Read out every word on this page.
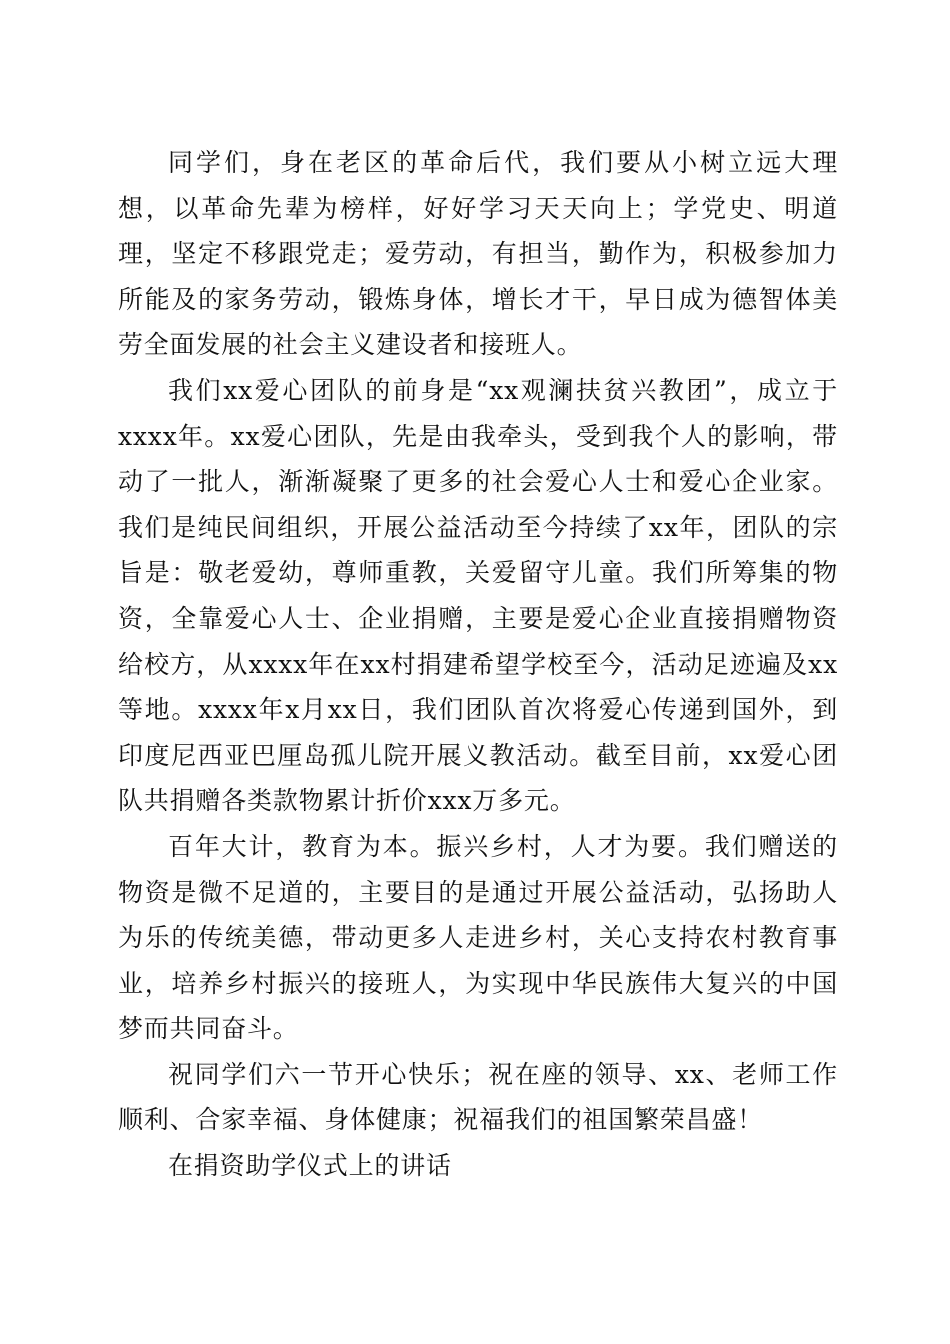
同学们，身在老区的革命后代，我们要从小树立远大理想，以革命先辈为榜样，好好学习天天向上；学党史、明道理，坚定不移跟党走；爱劳动，有担当，勤作为，积极参加力所能及的家务劳动，锻炼身体，增长才干，早日成为德智体美劳全面发展的社会主义建设者和接班人。

我们xx爱心团队的前身是“xx观澜扶贫兴教团”，成立于xxxx年。xx爱心团队，先是由我牵头，受到我个人的影响，带动了一批人，渐渐凝聚了更多的社会爱心人士和爱心企业家。我们是纯民间组织，开展公益活动至今持续了xx年，团队的宗旨是：敬老爱幼，尊师重教，关爱留守儿童。我们所筹集的物资，全靠爱心人士、企业捐赠，主要是爱心企业直接捐赠物资给校方，从xxxx年在xx村捐建希望学校至今，活动足迹遍及xx等地。xxxx年x月xx日，我们团队首次将爱心传递到国外，到印度尼西亚巴厘岛孤儿院开展义教活动。截至目前，xx爱心团队共捐赠各类款物累计折价xxx万多元。

百年大计，教育为本。振兴乡村，人才为要。我们赠送的物资是微不足道的，主要目的是通过开展公益活动，弘扬助人为乐的传统美德，带动更多人走进乡村，关心支持农村教育事业，培养乡村振兴的接班人，为实现中华民族伟大复兴的中国梦而共同奋斗。

祝同学们六一节开心快乐；祝在座的领导、xx、老师工作顺利、合家幸福、身体健康；祝福我们的祖国繁荣昌盛！

在捐资助学仪式上的讲话
